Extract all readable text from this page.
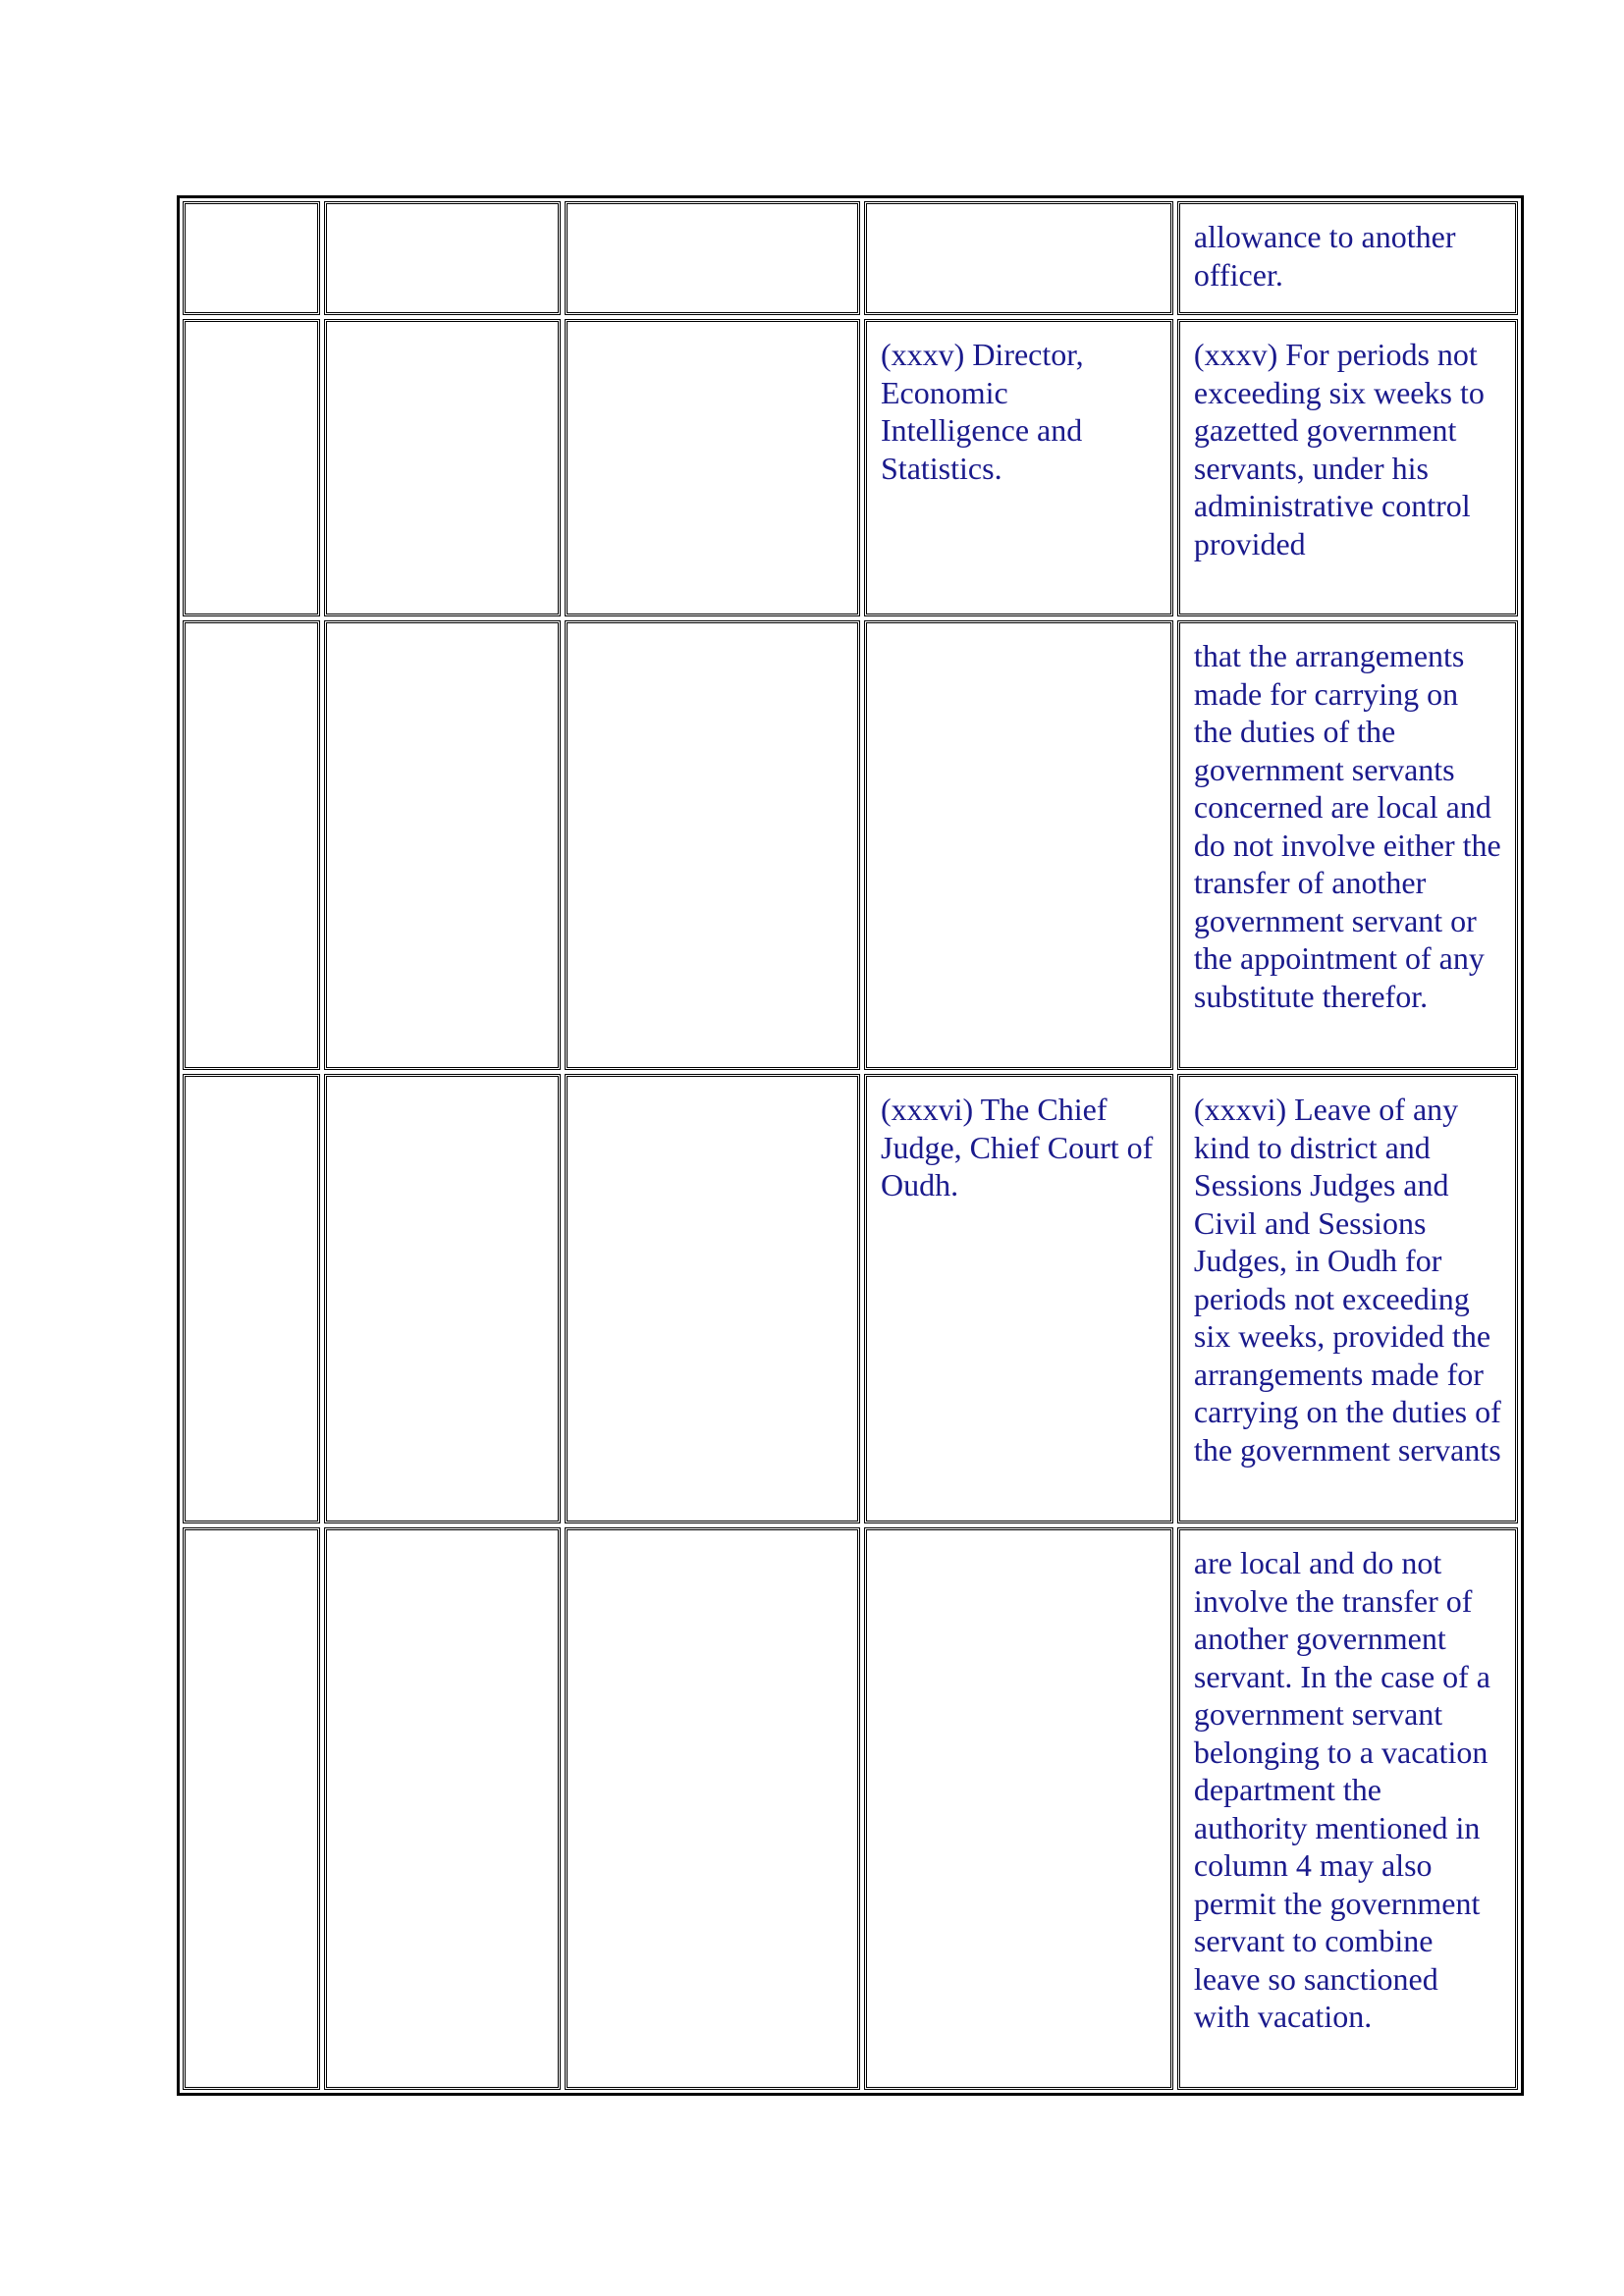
				allowance to another officer.
			(xxxv) Director, Economic Intelligence and Statistics.	(xxxv) For periods not exceeding six weeks to gazetted government servants, under his administrative control provided
				that the arrangements made for carrying on the duties of the government servants concerned are local and do not involve either the transfer of another government servant or the appointment of any substitute therefor.
			(xxxvi) The Chief Judge, Chief Court of Oudh.	(xxxvi) Leave of any kind to district and Sessions Judges and Civil and Sessions Judges, in Oudh for periods not exceeding six weeks, provided the arrangements made for carrying on the duties of the government servants
				are local and do not involve the transfer of another government servant. In the case of a government servant belonging to a vacation department the authority mentioned in column 4 may also permit the government servant to combine leave so sanctioned with vacation.
